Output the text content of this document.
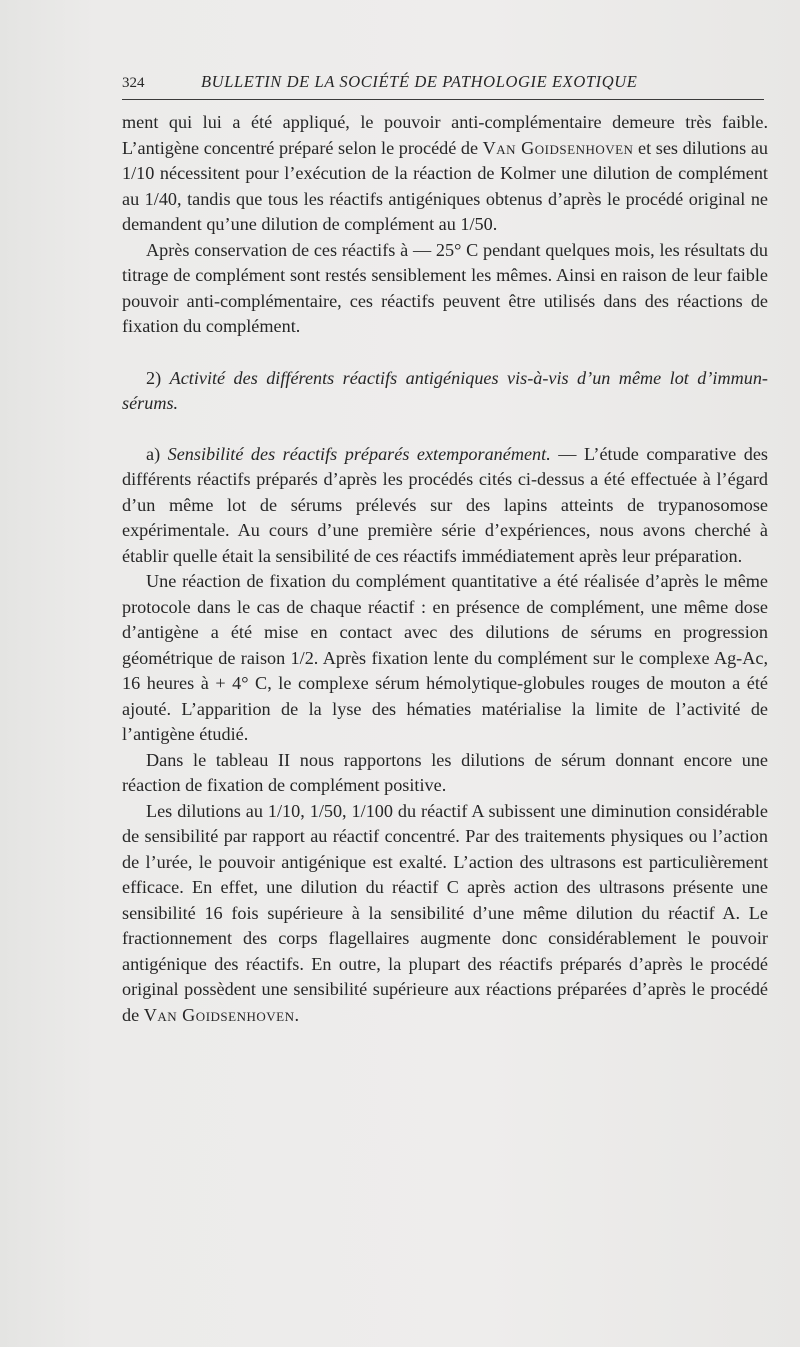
324	BULLETIN DE LA SOCIÉTÉ DE PATHOLOGIE EXOTIQUE

ment qui lui a été appliqué, le pouvoir anti-complémentaire demeure très faible. L’antigène concentré préparé selon le procédé de Van Goidsenhoven et ses dilutions au 1/10 nécessitent pour l’exécution de la réaction de Kolmer une dilution de complément au 1/40, tandis que tous les réactifs antigéniques obtenus d’après le procédé original ne demandent qu’une dilution de complément au 1/50.

Après conservation de ces réactifs à — 25° C pendant quelques mois, les résultats du titrage de complément sont restés sensiblement les mêmes. Ainsi en raison de leur faible pouvoir anti-complémentaire, ces réactifs peuvent être utilisés dans des réactions de fixation du complément.

2) Activité des différents réactifs antigéniques vis-à-vis d’un même lot d’immun-sérums.

a) Sensibilité des réactifs préparés extemporanément. — L’étude comparative des différents réactifs préparés d’après les procédés cités ci-dessus a été effectuée à l’égard d’un même lot de sérums prélevés sur des lapins atteints de trypanosomose expérimentale. Au cours d’une première série d’expériences, nous avons cherché à établir quelle était la sensibilité de ces réactifs immédiatement après leur préparation.

Une réaction de fixation du complément quantitative a été réalisée d’après le même protocole dans le cas de chaque réactif : en présence de complément, une même dose d’antigène a été mise en contact avec des dilutions de sérums en progression géométrique de raison 1/2. Après fixation lente du complément sur le complexe Ag-Ac, 16 heures à + 4° C, le complexe sérum hémolytique-globules rouges de mouton a été ajouté. L’apparition de la lyse des hématies matérialise la limite de l’activité de l’antigène étudié.

Dans le tableau II nous rapportons les dilutions de sérum donnant encore une réaction de fixation de complément positive.

Les dilutions au 1/10, 1/50, 1/100 du réactif A subissent une diminution considérable de sensibilité par rapport au réactif concentré. Par des traitements physiques ou l’action de l’urée, le pouvoir antigénique est exalté. L’action des ultrasons est particulièrement efficace. En effet, une dilution du réactif C après action des ultrasons présente une sensibilité 16 fois supérieure à la sensibilité d’une même dilution du réactif A. Le fractionnement des corps flagellaires augmente donc considérablement le pouvoir antigénique des réactifs. En outre, la plupart des réactifs préparés d’après le procédé original possèdent une sensibilité supérieure aux réactions préparées d’après le procédé de Van Goidsenhoven.
